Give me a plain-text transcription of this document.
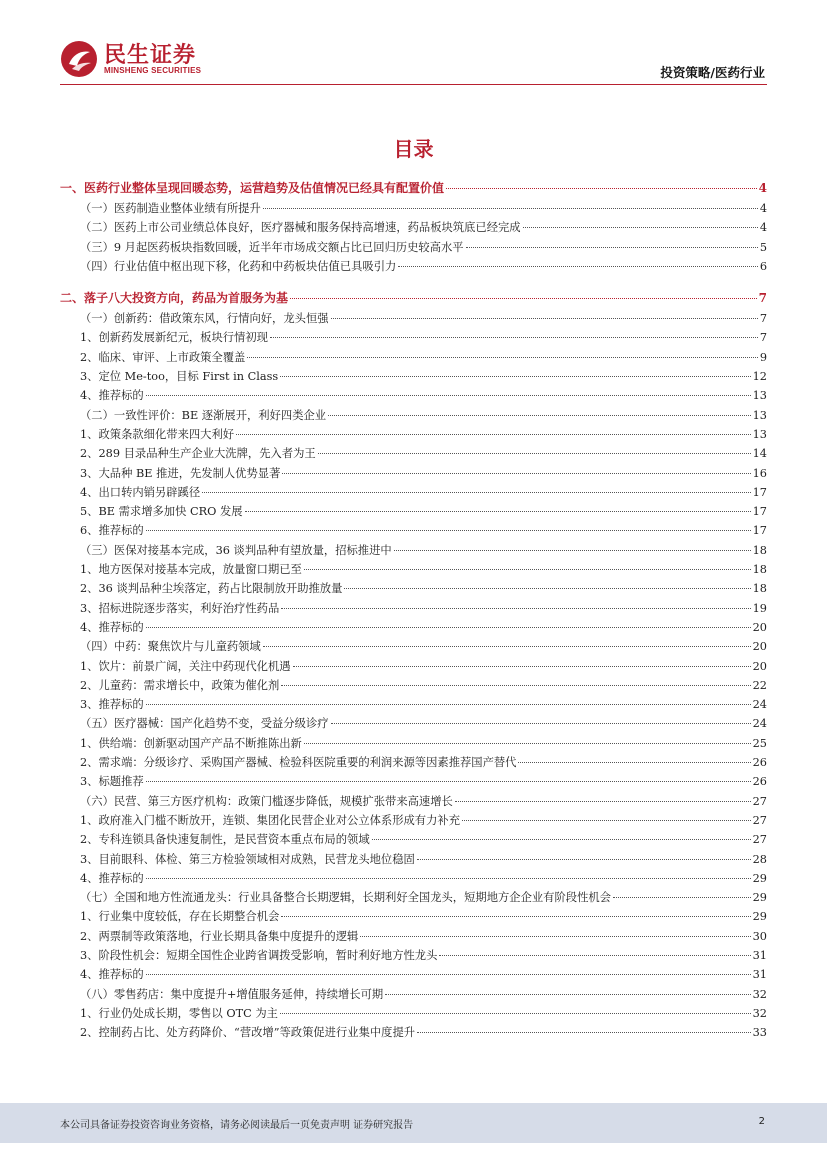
民生证券
MINSHENG SECURITIES	投资策略/医药行业
目录
一、医药行业整体呈现回暖态势，运营趋势及估值情况已经具有配置价值	4
（一）医药制造业整体业绩有所提升	4
（二）医药上市公司业绩总体良好，医疗器械和服务保持高增速，药品板块筑底已经完成	4
（三）9 月起医药板块指数回暖，近半年市场成交额占比已回归历史较高水平	5
（四）行业估值中枢出现下移，化药和中药板块估值已具吸引力	6
二、落子八大投资方向，药品为首服务为基	7
（一）创新药：借政策东风，行情向好，龙头恒强	7
1、创新药发展新纪元，板块行情初现	7
2、临床、审评、上市政策全覆盖	9
3、定位 Me-too，目标 First in Class	12
4、推荐标的	13
（二）一致性评价：BE 逐渐展开，利好四类企业	13
1、政策条款细化带来四大利好	13
2、289 目录品种生产企业大洗牌，先入者为王	14
3、大品种 BE 推进，先发制人优势显著	16
4、出口转内销另辟蹊径	17
5、BE 需求增多加快 CRO 发展	17
6、推荐标的	17
（三）医保对接基本完成，36 谈判品种有望放量，招标推进中	18
1、地方医保对接基本完成，放量窗口期已至	18
2、36 谈判品种尘埃落定，药占比限制放开助推放量	18
3、招标进院逐步落实，利好治疗性药品	19
4、推荐标的	20
（四）中药：聚焦饮片与儿童药领域	20
1、饮片：前景广阔，关注中药现代化机遇	20
2、儿童药：需求增长中，政策为催化剂	22
3、推荐标的	24
（五）医疗器械：国产化趋势不变，受益分级诊疗	24
1、供给端：创新驱动国产产品不断推陈出新	25
2、需求端：分级诊疗、采购国产器械、检验科医院重要的利润来源等因素推荐国产替代	26
3、标题推荐	26
（六）民营、第三方医疗机构：政策门槛逐步降低，规模扩张带来高速增长	27
1、政府准入门槛不断放开，连锁、集团化民营企业对公立体系形成有力补充	27
2、专科连锁具备快速复制性，是民营资本重点布局的领域	27
3、目前眼科、体检、第三方检验领域相对成熟，民营龙头地位稳固	28
4、推荐标的	29
（七）全国和地方性流通龙头：行业具备整合长期逻辑，长期利好全国龙头，短期地方企企业有阶段性机会	29
1、行业集中度较低，存在长期整合机会	29
2、两票制等政策落地，行业长期具备集中度提升的逻辑	30
3、阶段性机会：短期全国性企业跨省调拨受影响，暂时利好地方性龙头	31
4、推荐标的	31
（八）零售药店：集中度提升+增值服务延伸，持续增长可期	32
1、行业仍处成长期，零售以 OTC 为主	32
2、控制药占比、处方药降价、“营改增”等政策促进行业集中度提升	33
本公司具备证券投资咨询业务资格，请务必阅读最后一页免责声明 证券研究报告	2
